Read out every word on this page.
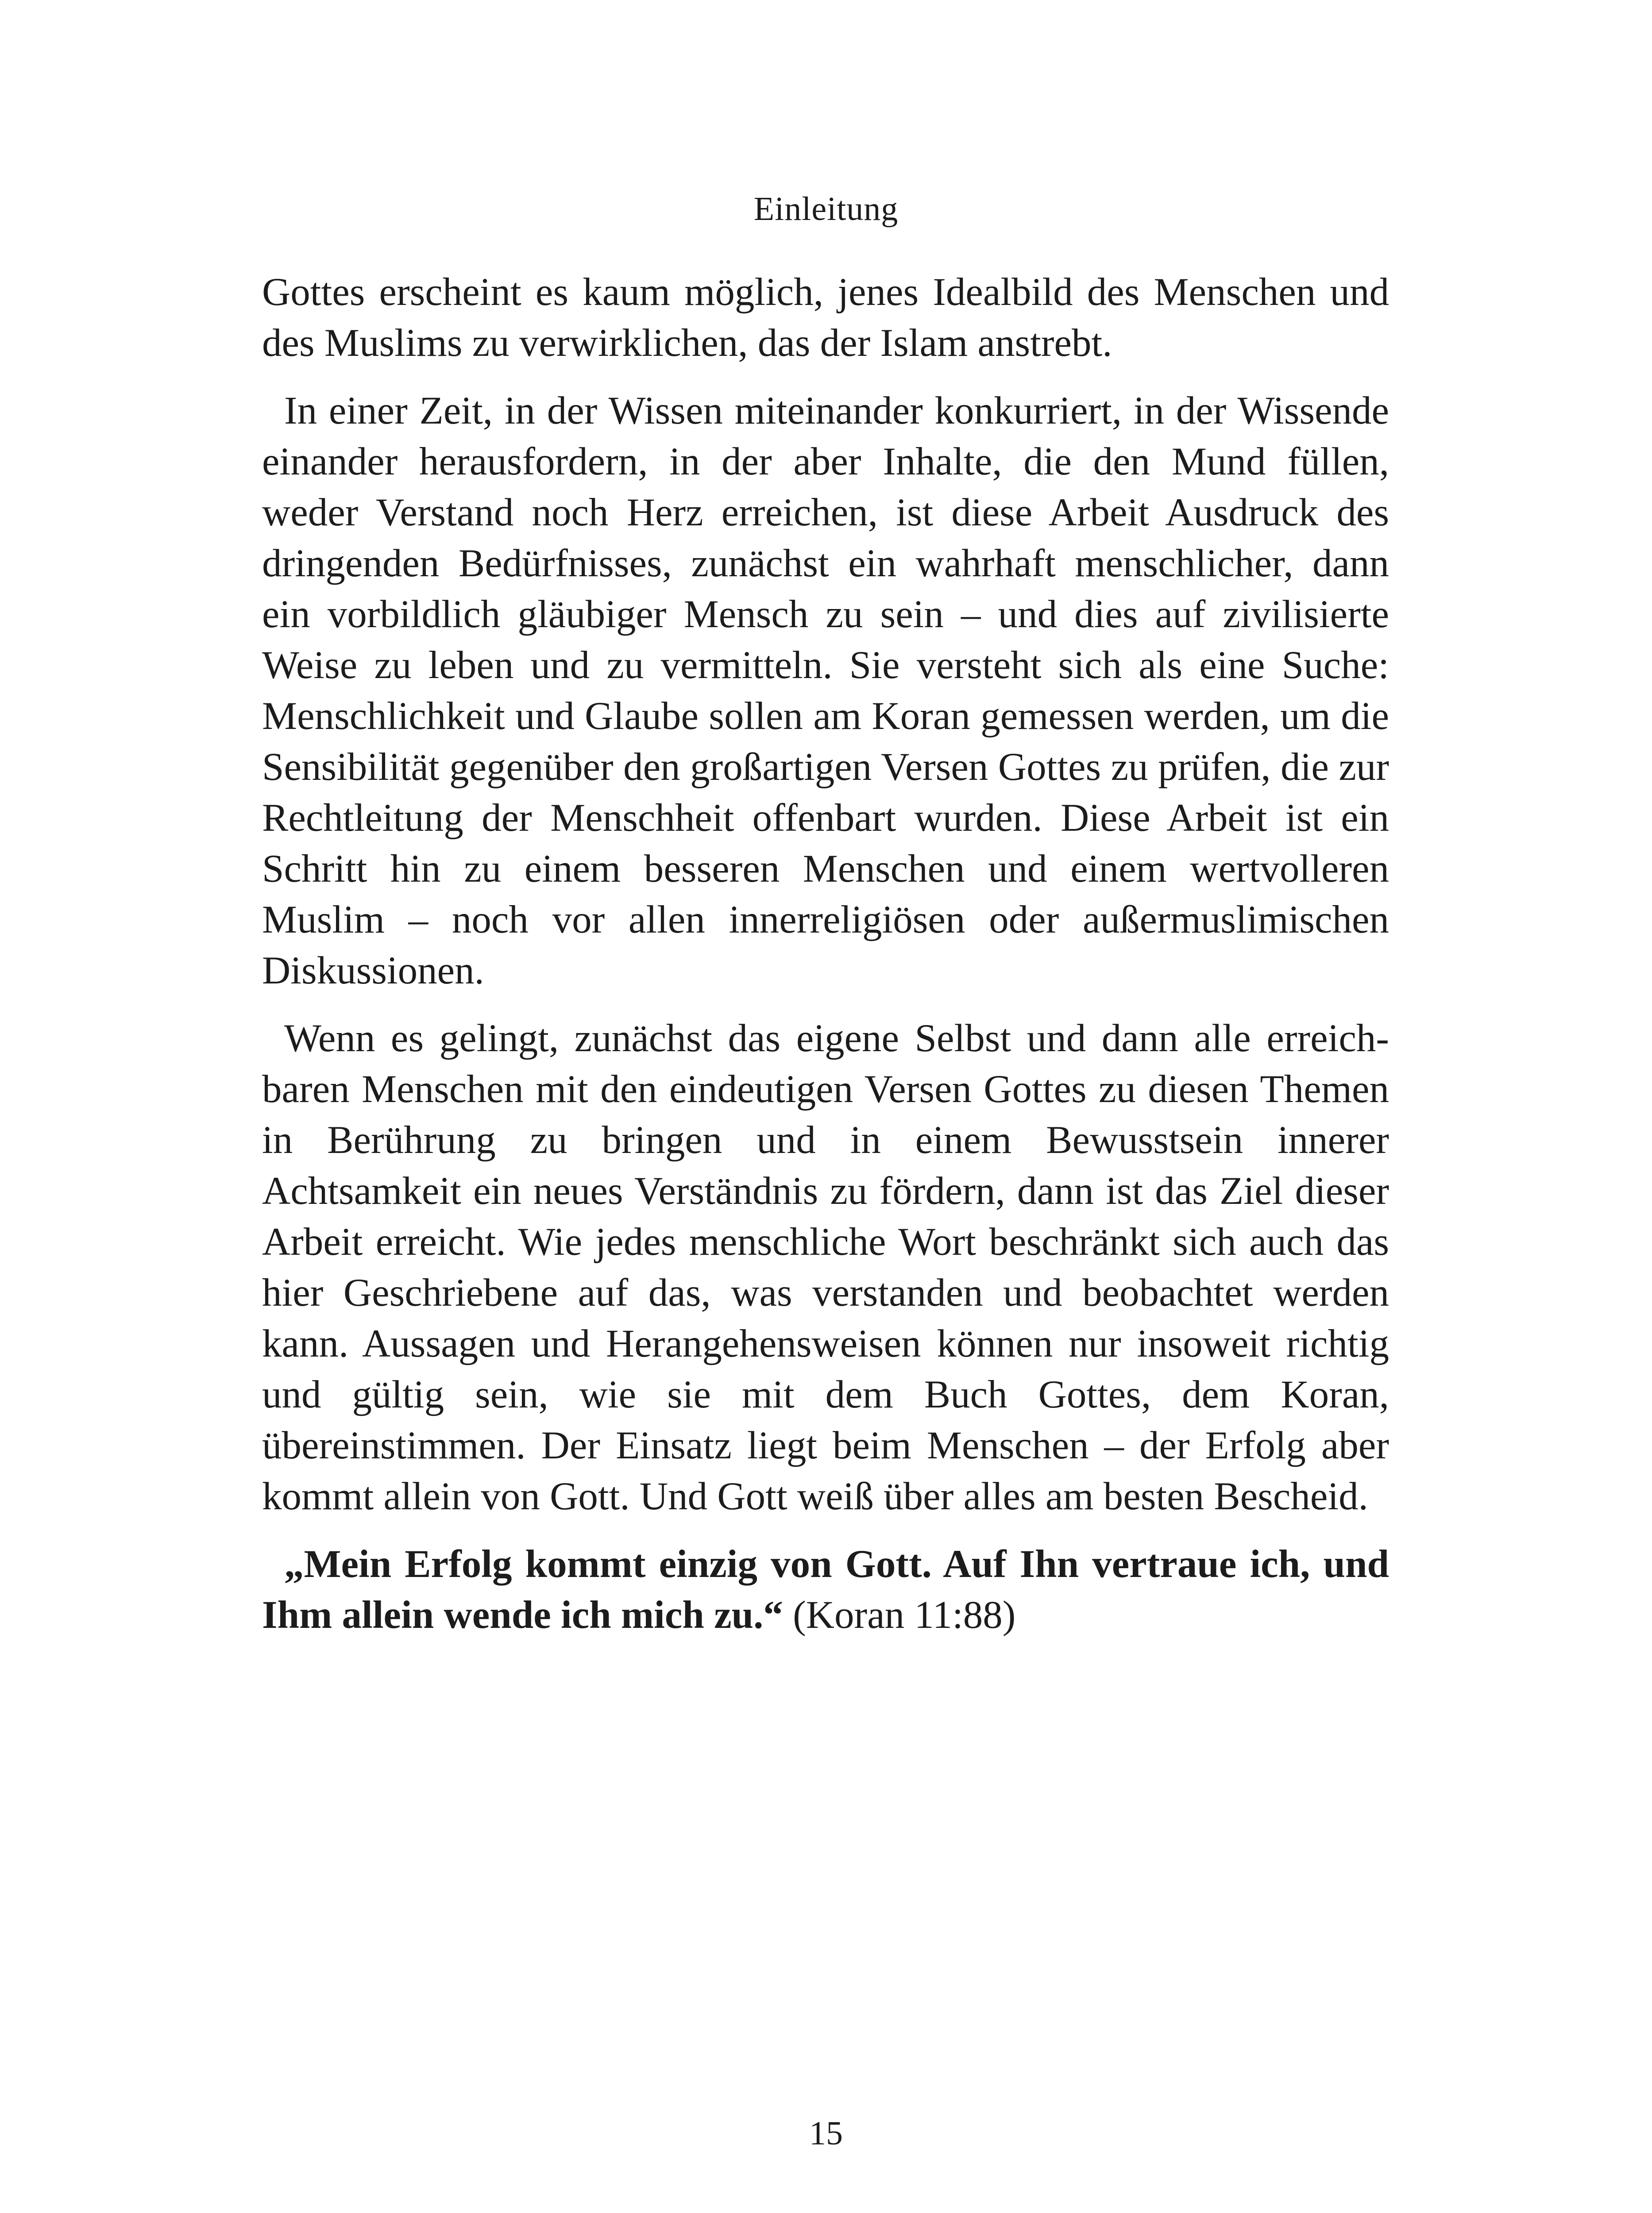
Einleitung

Gottes erscheint es kaum möglich, jenes Idealbild des Menschen und des Muslims zu verwirklichen, das der Islam anstrebt.

In einer Zeit, in der Wissen miteinander konkurriert, in der Wissende einander herausfordern, in der aber Inhalte, die den Mund füllen, weder Verstand noch Herz erreichen, ist diese Arbeit Ausdruck des dringenden Bedürfnisses, zunächst ein wahrhaft menschlicher, dann ein vorbildlich gläubiger Mensch zu sein – und dies auf zivilisierte Weise zu leben und zu vermitteln. Sie versteht sich als eine Suche: Menschlichkeit und Glaube sollen am Koran gemessen werden, um die Sensibilität gegenüber den großartigen Versen Gottes zu prüfen, die zur Rechtleitung der Menschheit offenbart wurden. Diese Arbeit ist ein Schritt hin zu einem besseren Menschen und einem wertvolleren Muslim – noch vor allen innerreligiösen oder außermuslimischen Diskussionen.

Wenn es gelingt, zunächst das eigene Selbst und dann alle erreichbaren Menschen mit den eindeutigen Versen Gottes zu diesen Themen in Berührung zu bringen und in einem Bewusstsein innerer Achtsamkeit ein neues Verständnis zu fördern, dann ist das Ziel dieser Arbeit erreicht. Wie jedes menschliche Wort beschränkt sich auch das hier Geschriebene auf das, was verstanden und beobachtet werden kann. Aussagen und Herangehensweisen können nur insoweit richtig und gültig sein, wie sie mit dem Buch Gottes, dem Koran, übereinstimmen. Der Einsatz liegt beim Menschen – der Erfolg aber kommt allein von Gott. Und Gott weiß über alles am besten Bescheid.

„Mein Erfolg kommt einzig von Gott. Auf Ihn vertraue ich, und Ihm allein wende ich mich zu.“ (Koran 11:88)

15
